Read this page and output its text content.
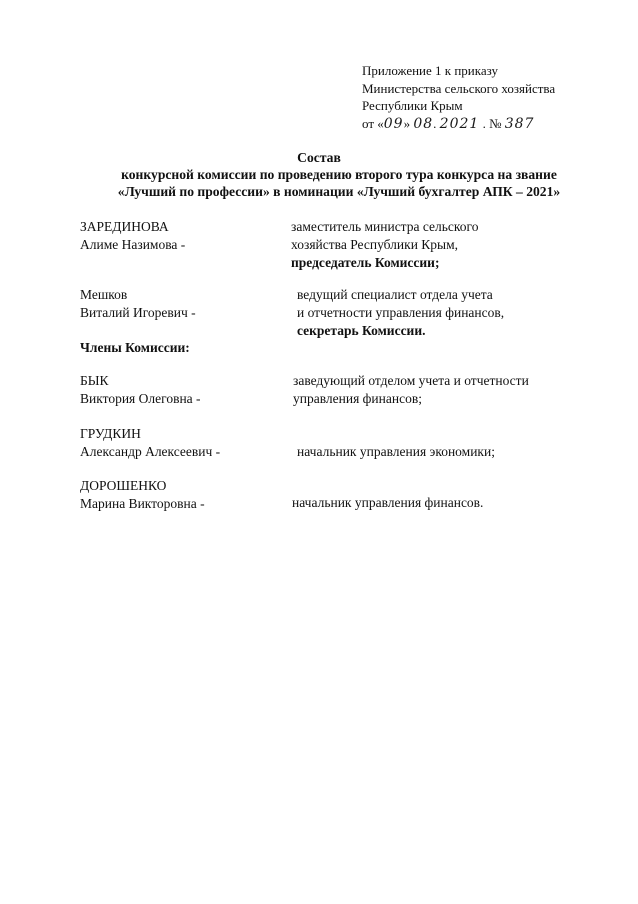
Приложение 1 к приказу
Министерства сельского хозяйства
Республики Крым
от «09» 08. 2021 . № 387
Состав
конкурсной комиссии по проведению второго тура конкурса на звание
«Лучший по профессии» в номинации «Лучший бухгалтер АПК – 2021»
ЗАРЕДИНОВА
Алиме Назимова -
заместитель министра сельского
хозяйства Республики Крым,
председатель Комиссии;
Мешков
Виталий Игоревич -
ведущий специалист отдела учета
и отчетности управления финансов,
секретарь Комиссии.
Члены Комиссии:
БЫК
Виктория Олеговна -
заведующий отделом учета и отчетности
управления финансов;
ГРУДКИН
Александр Алексеевич -	начальник управления экономики;
ДОРОШЕНКО
Марина Викторовна -	начальник управления финансов.
